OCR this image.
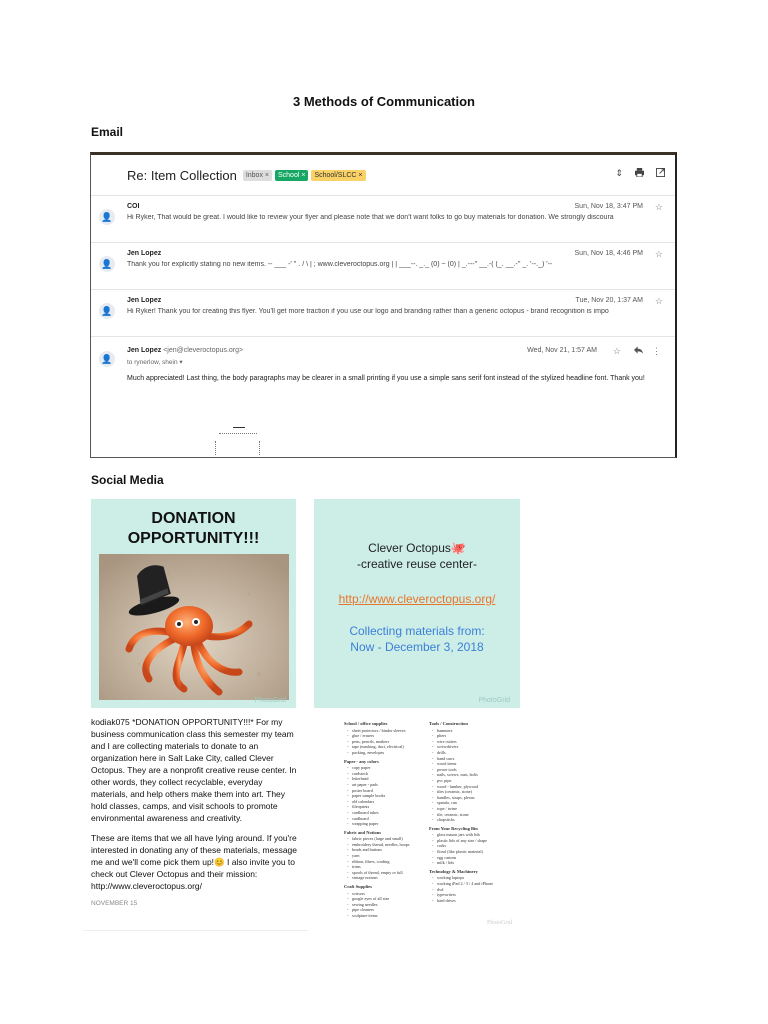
3 Methods of Communication
Email
Re: Item Collection	Inbox ×	School ×	School/SLCC ×	⇕
👤
COI
Hi Ryker, That would be great. I would like to review your flyer and please note that we don't want folks to go buy materials for donation. We strongly discoura
Sun, Nov 18, 3:47 PM ☆
👤
Jen Lopez
Thank you for explicitly stating no new items. -- ___ -' '' . / \ | ; www.cleveroctopus.org | | ___--. _._ (0) ~ (0) | _.---'' __.-( (_. __.-'' _. '--._) '--
Sun, Nov 18, 4:46 PM ☆
👤
Jen Lopez
Hi Ryker! Thank you for creating this flyer. You'll get more traction if you use our logo and branding rather than a generic octopus - brand recognition is impo
Tue, Nov 20, 1:37 AM ☆
👤
Jen Lopez <jen@cleveroctopus.org>
to rynerlow, shein ▾
Wed, Nov 21, 1:57 AM ☆	⋮
Much appreciated! Last thing, the body paragraphs may be clearer in a small printing if you use a simple sans serif font instead of the stylized headline font. Thank you!
Social Media
DONATION OPPORTUNITY!!!
PhotoGrid
Clever Octopus🐙
-creative reuse center-
http://www.cleveroctopus.org/
Collecting materials from:
Now - December 3, 2018
PhotoGrid

kodiak075 *DONATION OPPORTUNITY!!!* For my business communication class this semester my team and I are collecting materials to donate to an organization here in Salt Lake City, called Clever Octopus. They are a nonprofit creative reuse center. In other words, they collect recyclable, everyday materials, and help others make them into art. They hold classes, camps, and visit schools to promote environmental awareness and creativity.

These are items that we all have lying around. If you're interested in donating any of these materials, message me and we'll come pick them up!😊 I also invite you to check out Clever Octopus and their mission:
http://www.cleveroctopus.org/

NOVEMBER 15
School / office supplies
- sheet protectors / binder sleeves
- glue / erasers
- pens, pencils, markers
- tape (masking, duct, electrical)
- packing, envelopes
Paper - any colors
- copy paper
- cardstock
- letterhead
- art paper - pads
- poster board
- paper sample books
- old calendars
- fileoprints
- cardboard tubes
- cardboard
- wrapping paper
Fabric and Notions
- fabric pieces (large and small)
- embroidery thread, needles, hoops
- beads and buttons
- yarn
- ribbon, fibers, cording
- trims
- spools of thread, empty or full
- vintage notions
Craft Supplies
- scissors
- google eyes of all size
- sewing needles
- pipe cleaners
- sculpture items
Tools / Construction
- hammers
- pliers
- wire cutters
- screwdrivers
- drills
- hand saws
- wood items
- power tools
- nails, screws, nuts, bolts
- pvc pipe
- wood - lumber, plywood
- tiles (ceramic, stone)
- handles, straps, plexus
- spatula, can
- rope / twine
- tile, ceramic, stone
- chopsticks
From Your Recycling Bin
- glass mason jars with lids
- plastic lids of any size / shape
- corks
- floral (like plastic material)
- egg cartons
- milk / lids
Technology & Machinery
- working laptops
- working iPad 2 / 3 / 4 and iPhone
- dvd
- typewriters
- hard drives
PhotoGrid
